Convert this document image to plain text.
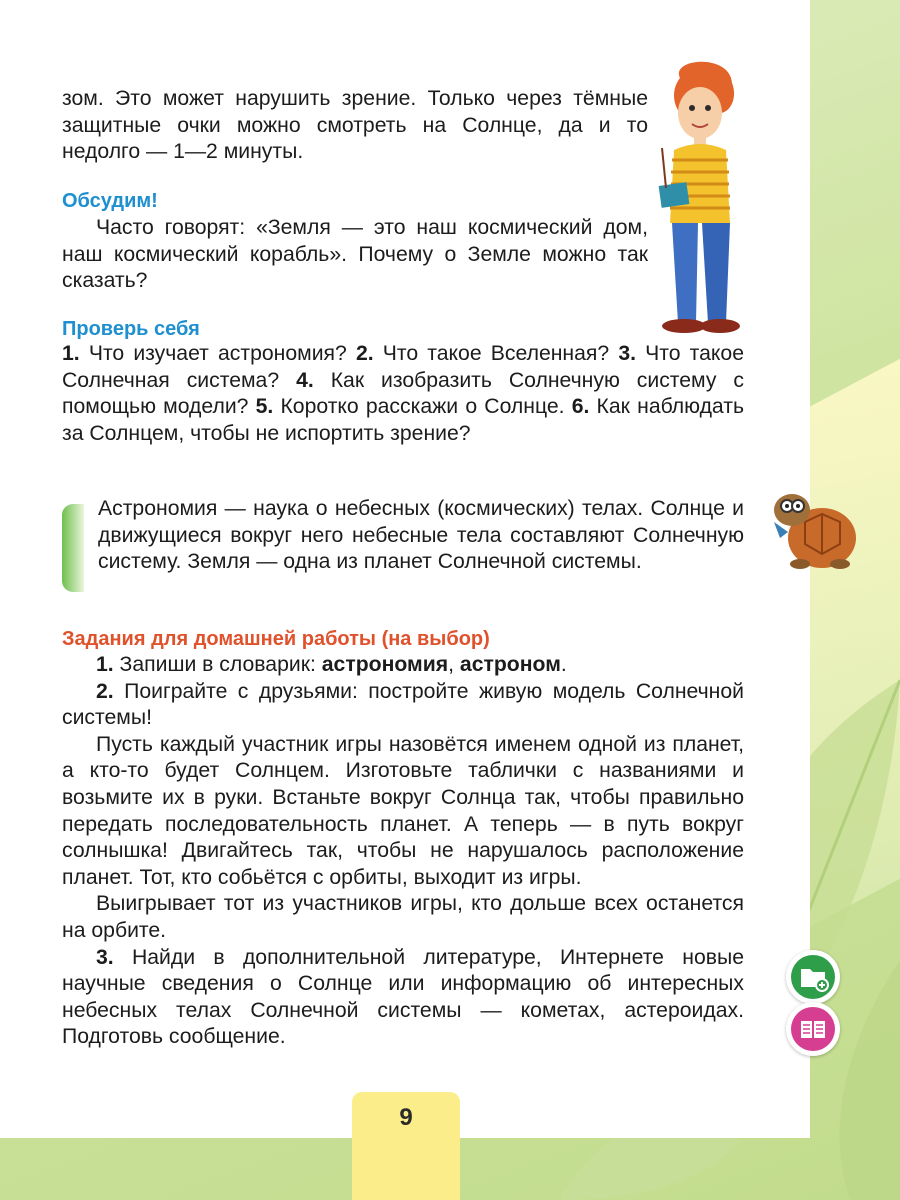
зом. Это может нарушить зрение. Только через тёмные защитные очки можно смотреть на Солнце, да и то недолго — 1—2 минуты.

Обсудим!

Часто говорят: «Земля — это наш космический дом, наш космический корабль». Почему о Земле можно так сказать?

Проверь себя

1. Что изучает астрономия? 2. Что такое Вселенная? 3. Что такое Солнечная система? 4. Как изобразить Солнечную систему с помощью модели? 5. Коротко расскажи о Солнце. 6. Как наблюдать за Солнцем, чтобы не испортить зрение?

Астрономия — наука о небесных (космических) телах. Солнце и движущиеся вокруг него небесные тела составляют Солнечную систему. Земля — одна из планет Солнечной системы.

Задания для домашней работы (на выбор)

1. Запиши в словарик: астрономия, астроном.

2. Поиграйте с друзьями: постройте живую модель Солнечной системы!

Пусть каждый участник игры назовётся именем одной из планет, а кто-то будет Солнцем. Изготовьте таблички с названиями и возьмите их в руки. Встаньте вокруг Солнца так, чтобы правильно передать последовательность планет. А теперь — в путь вокруг солнышка! Двигайтесь так, чтобы не нарушалось расположение планет. Тот, кто собьётся с орбиты, выходит из игры.

Выигрывает тот из участников игры, кто дольше всех останется на орбите.

3. Найди в дополнительной литературе, Интернете новые научные сведения о Солнце или информацию об интересных небесных телах Солнечной системы — кометах, астероидах. Подготовь сообщение.

9
